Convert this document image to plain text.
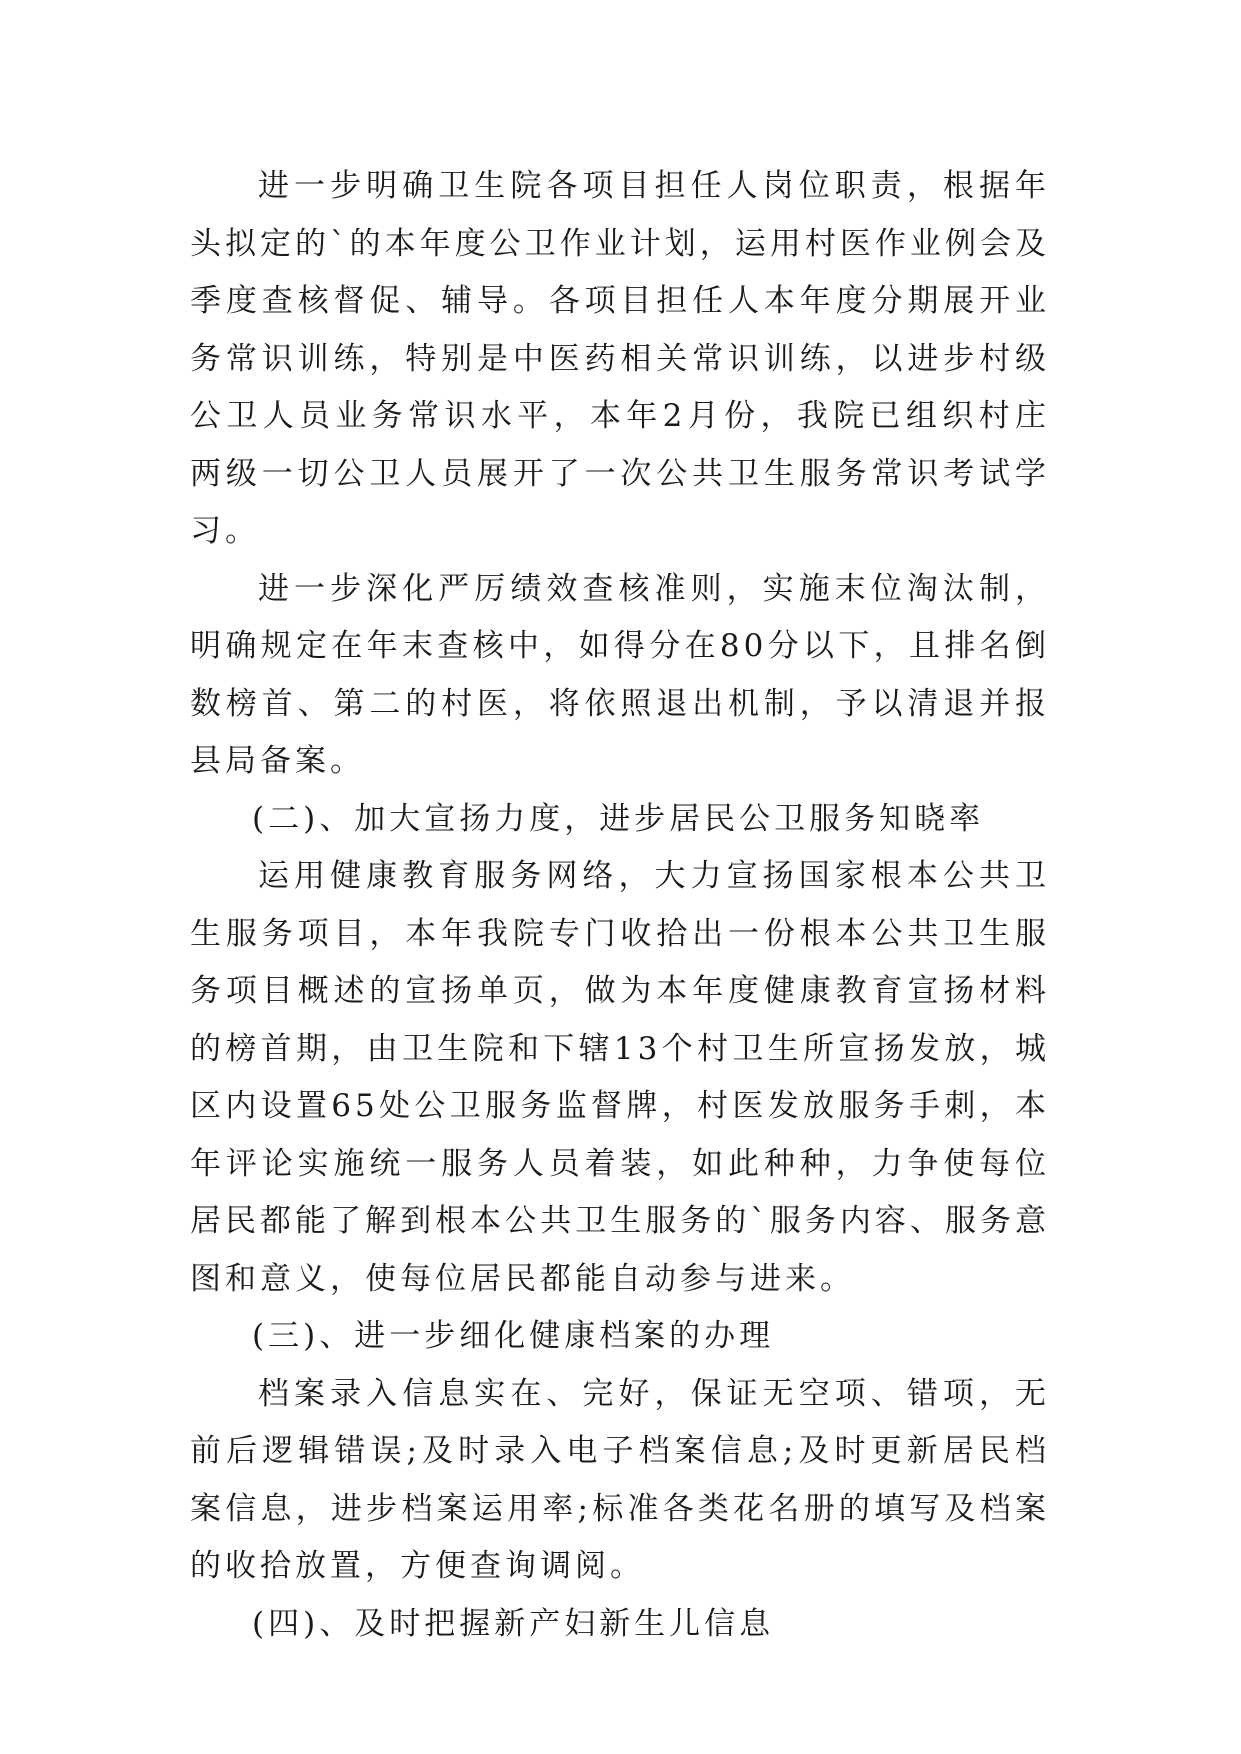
进一步明确卫生院各项目担任人岗位职责，根据年头拟定的`的本年度公卫作业计划，运用村医作业例会及季度查核督促、辅导。各项目担任人本年度分期展开业务常识训练，特别是中医药相关常识训练，以进步村级公卫人员业务常识水平，本年2月份，我院已组织村庄两级一切公卫人员展开了一次公共卫生服务常识考试学习。

进一步深化严厉绩效查核准则，实施末位淘汰制，明确规定在年末查核中，如得分在80分以下，且排名倒数榜首、第二的村医，将依照退出机制，予以清退并报县局备案。

(二)、加大宣扬力度，进步居民公卫服务知晓率

运用健康教育服务网络，大力宣扬国家根本公共卫生服务项目，本年我院专门收拾出一份根本公共卫生服务项目概述的宣扬单页，做为本年度健康教育宣扬材料的榜首期，由卫生院和下辖13个村卫生所宣扬发放，城区内设置65处公卫服务监督牌，村医发放服务手刺，本年评论实施统一服务人员着装，如此种种，力争使每位居民都能了解到根本公共卫生服务的`服务内容、服务意图和意义，使每位居民都能自动参与进来。

(三)、进一步细化健康档案的办理

档案录入信息实在、完好，保证无空项、错项，无前后逻辑错误;及时录入电子档案信息;及时更新居民档案信息，进步档案运用率;标准各类花名册的填写及档案的收拾放置，方便查询调阅。

(四)、及时把握新产妇新生儿信息
